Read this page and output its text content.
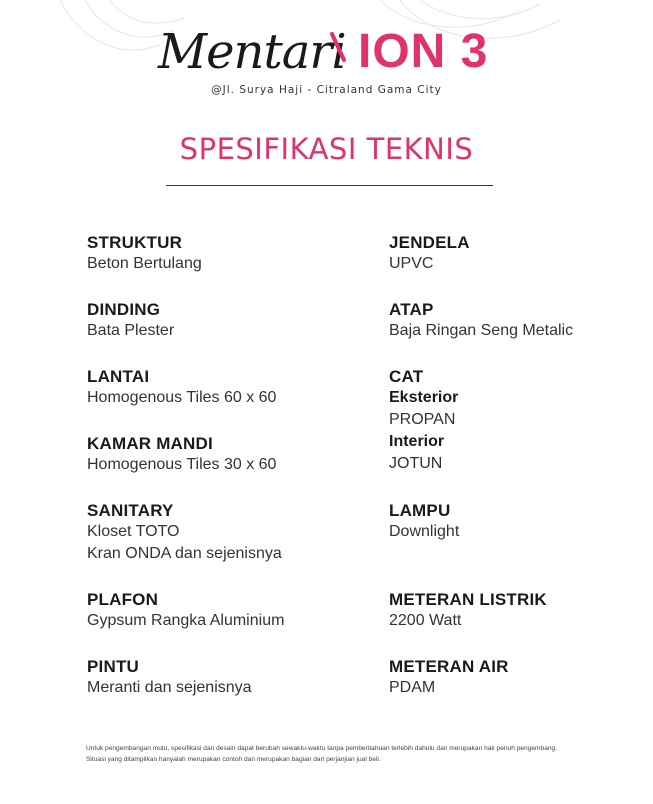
Mentari ION 3
@Jl. Surya Haji - Citraland Gama City
SPESIFIKASI TEKNIS
STRUKTUR
Beton Bertulang
DINDING
Bata Plester
LANTAI
Homogenous Tiles 60 x 60
KAMAR MANDI
Homogenous Tiles 30 x 60
SANITARY
Kloset TOTO
Kran ONDA dan sejenisnya
PLAFON
Gypsum Rangka Aluminium
PINTU
Meranti dan sejenisnya
JENDELA
UPVC
ATAP
Baja Ringan Seng Metalic
CAT
Eksterior
PROPAN
Interior
JOTUN
LAMPU
Downlight
METERAN LISTRIK
2200 Watt
METERAN AIR
PDAM
Untuk pengembangan mutu, spesifikasi dan desain dapat berubah sewaktu-waktu tanpa pemberitahuan terlebih dahulu dan merupakan hak penuh pengembang. Situasi yang ditampilkan hanyalah merupakan contoh dan merupakan bagian dari perjanjian jual beli.
